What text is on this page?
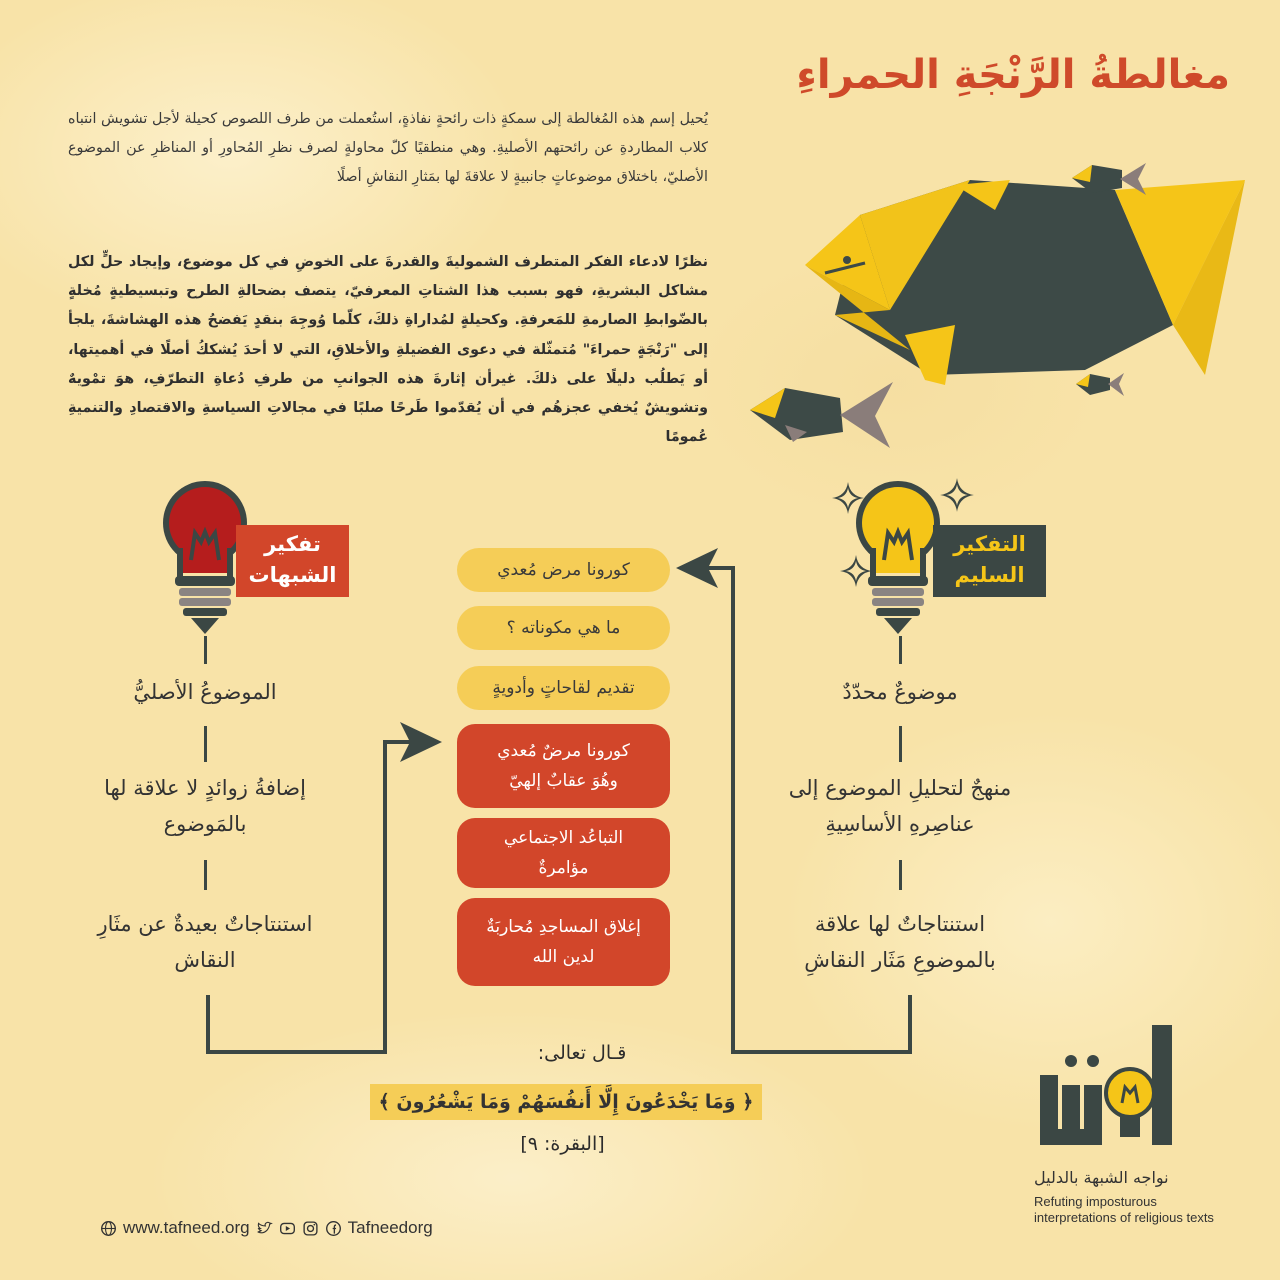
مغالطةُ الرَّنْجَةِ الحمراءِ

يُحيل إسم هذه المُغالطة إلى سمكةٍ ذات رائحةٍ نفاذةٍ، استُعملت من طرف اللصوص كحيلة لأجل تشويش انتباه كلاب المطاردةِ عن رائحتهم الأصليةِ. وهي منطقيًا كلّ محاولةٍ لصرف نظرِ المُحاورِ أو المناظرِ عن الموضوع الأصليّ، باختلاق موضوعاتٍ جانبيةٍ لا علاقةَ لها بمَثارِ النقاشِ أصلًا

نظرًا لادعاء الفكر المتطرف الشموليةَ والقدرةَ على الخوضِ في كل موضوع، وإيجاد حلٍّ لكل مشاكل البشريةِ، فهو بسبب هذا الشتاتِ المعرفيّ، يتصف بضحالةِ الطرح وتبسيطيةٍ مُخلةٍ بالضّوابطِ الصارمةِ للمَعرفةِ. وكحيلةٍ لمُداراةِ ذلكَ، كلّما وُوجِهَ بنقدٍ يَفضحُ هذه الهشاشةَ، يلجأ إلى "رَنْجَةٍ حمراءَ" مُتمثّلة في دعوى الفضيلةِ والأخلاقِ، التي لا أحدَ يُشككُ أصلًا في أهميتها، أو يَطلُب دليلًا على ذلكَ. غيرأن إثارةَ هذه الجوانبِ من طرفِ دُعاةِ التطرّفِ، هوَ تمْويهٌ وتشويشٌ يُخفي عجزهُم في أن يُقدّموا طَرحًا صلبًا في مجالاتِ السياسةِ والاقتصادِ والتنميةِ عُمومًا

تفكير
الشبهات
التفكير
السليم

الموضوعُ الأصليُّ

إضافةُ زوائدٍ لا علاقة لها بالمَوضوع

استنتاجاتٌ بعيدةٌ عن مثَارِ النقاش

موضوعٌ محدّدٌ

منهجٌ لتحليلِ الموضوع إلى عناصِرهِ الأساسِيةِ

استنتاجاتٌ لها علاقة بالموضوعِ مَثَار النقاشِ

كورونا مرض مُعدي
ما هي مكوناته ؟
تقديم لقاحاتٍ وأدويةٍ
كورونا مرضٌ مُعدي
وهُوَ عقابٌ إلهيّ
التباعُد الاجتماعي
مؤامرةٌ
إغلاق المساجدِ مُحاربَةٌ
لدين الله

قـال تعالى:

﴿ وَمَا يَخْدَعُونَ إِلَّا أَنفُسَهُمْ وَمَا يَشْعُرُونَ ﴾

[البقرة: ٩]

نواجه الشبهة بالدليل

Refuting imposturous interpretations of religious texts

www.tafneed.org	Tafneedorg
